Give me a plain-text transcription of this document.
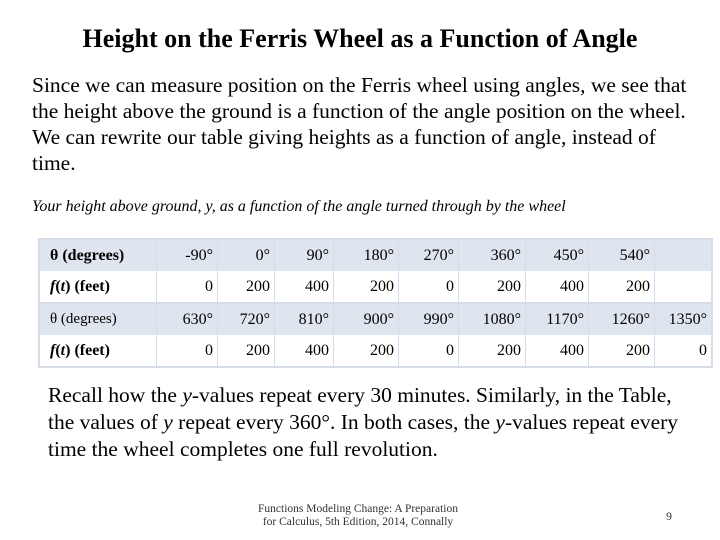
Height on the Ferris Wheel as a Function of Angle
Since we can measure position on the Ferris wheel using angles, we see that the height above the ground is a function of the angle position on the wheel. We can rewrite our table giving heights as a function of angle, instead of time.
Your height above ground, y, as a function of the angle turned through by the wheel
θ (degrees)	-90°	0°	90°	180°	270°	360°	450°	540°	
f(t) (feet)	0	200	400	200	0	200	400	200	
θ (degrees)	630°	720°	810°	900°	990°	1080°	1170°	1260°	1350°
f(t) (feet)	0	200	400	200	0	200	400	200	0
Recall how the y-values repeat every 30 minutes. Similarly, in the Table, the values of y repeat every 360°. In both cases, the y-values repeat every time the wheel completes one full revolution.
Functions Modeling Change: A Preparation
for Calculus, 5th Edition, 2014, Connally	9
